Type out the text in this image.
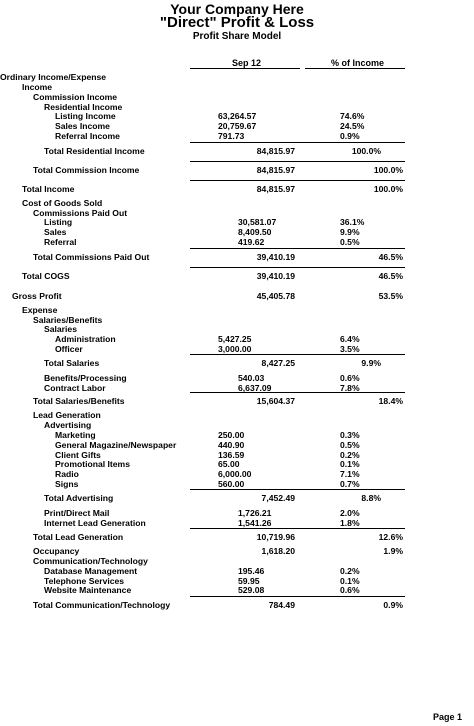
Your Company Here
"Direct" Profit & Loss
Profit Share Model
Sep 12	% of Income
Ordinary Income/Expense
Income
Commission Income
Residential Income
Listing Income	63,264.57	74.6%
Sales Income	20,759.67	24.5%
Referral Income	791.73	0.9%
Total Residential Income	84,815.97	100.0%
Total Commission Income	84,815.97	100.0%
Total Income	84,815.97	100.0%
Cost of Goods Sold
Commissions Paid Out
Listing	30,581.07	36.1%
Sales	8,409.50	9.9%
Referral	419.62	0.5%
Total Commissions Paid Out	39,410.19	46.5%
Total COGS	39,410.19	46.5%
Gross Profit	45,405.78	53.5%
Expense
Salaries/Benefits
Salaries
Administration	5,427.25	6.4%
Officer	3,000.00	3.5%
Total Salaries	8,427.25	9.9%
Benefits/Processing	540.03	0.6%
Contract Labor	6,637.09	7.8%
Total Salaries/Benefits	15,604.37	18.4%
Lead Generation
Advertising
Marketing	250.00	0.3%
General Magazine/Newspaper	440.90	0.5%
Client Gifts	136.59	0.2%
Promotional Items	65.00	0.1%
Radio	6,000.00	7.1%
Signs	560.00	0.7%
Total Advertising	7,452.49	8.8%
Print/Direct Mail	1,726.21	2.0%
Internet Lead Generation	1,541.26	1.8%
Total Lead Generation	10,719.96	12.6%
Occupancy	1,618.20	1.9%
Communication/Technology
Database Management	195.46	0.2%
Telephone Services	59.95	0.1%
Website Maintenance	529.08	0.6%
Total Communication/Technology	784.49	0.9%
Page 1
